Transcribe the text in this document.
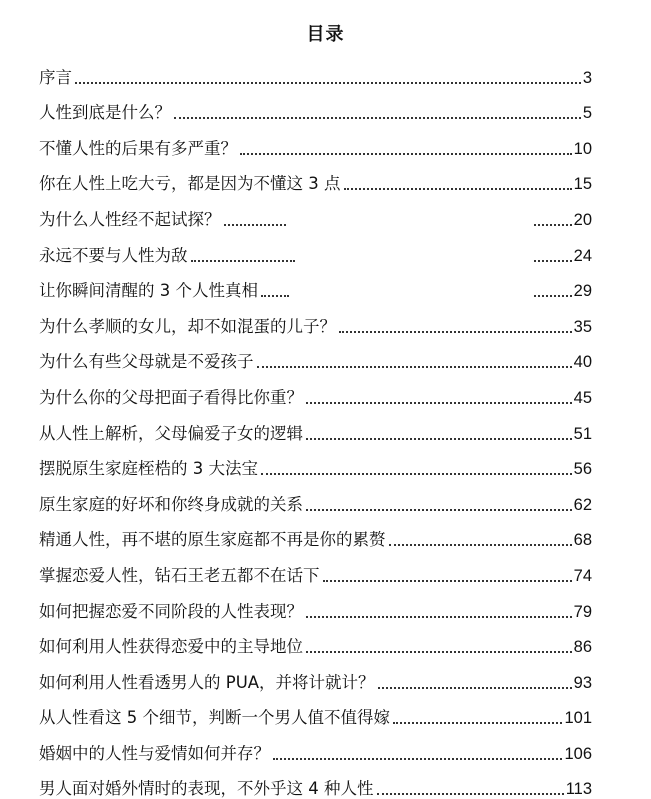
目录
序言	3
人性到底是什么？	5
不懂人性的后果有多严重？	10
你在人性上吃大亏，都是因为不懂这 3 点	15
为什么人性经不起试探？	20
永远不要与人性为敌	24
让你瞬间清醒的 3 个人性真相	29
为什么孝顺的女儿，却不如混蛋的儿子？	35
为什么有些父母就是不爱孩子	40
为什么你的父母把面子看得比你重？	45
从人性上解析，父母偏爱子女的逻辑	51
摆脱原生家庭桎梏的 3 大法宝	56
原生家庭的好坏和你终身成就的关系	62
精通人性，再不堪的原生家庭都不再是你的累赘	68
掌握恋爱人性，钻石王老五都不在话下	74
如何把握恋爱不同阶段的人性表现？	79
如何利用人性获得恋爱中的主导地位	86
如何利用人性看透男人的 PUA，并将计就计？	93
从人性看这 5 个细节，判断一个男人值不值得嫁	101
婚姻中的人性与爱情如何并存？	106
男人面对婚外情时的表现，不外乎这 4 种人性	113
